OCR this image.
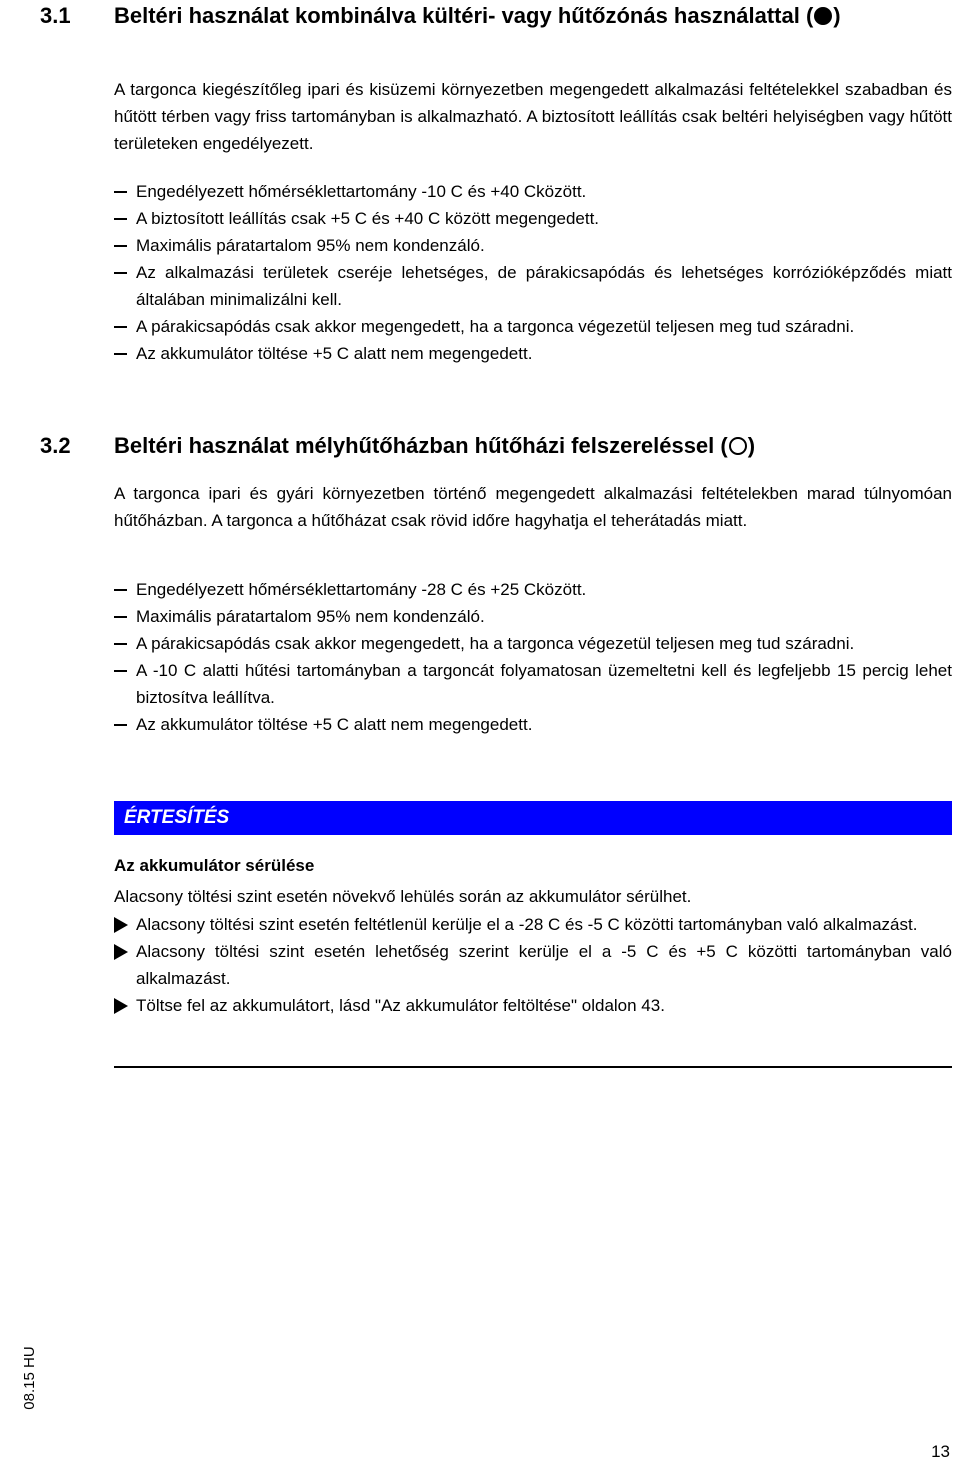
3.1 Beltéri használat kombinálva kültéri- vagy hűtőzónás használattal ( )
A targonca kiegészítőleg ipari és kisüzemi környezetben megengedett alkalmazási feltételekkel szabadban és hűtött térben vagy friss tartományban is alkalmazható. A biztosított leállítás csak beltéri helyiségben vagy hűtött területeken engedélyezett.
Engedélyezett hőmérséklettartomány -10 C és +40 Cközött.
A biztosított leállítás csak +5 C és +40 C között megengedett.
Maximális páratartalom 95% nem kondenzáló.
Az alkalmazási területek cseréje lehetséges, de párakicsapódás és lehetséges korrózióképződés miatt általában minimalizálni kell.
A párakicsapódás csak akkor megengedett, ha a targonca végezetül teljesen meg tud száradni.
Az akkumulátor töltése +5 C alatt nem megengedett.
3.2 Beltéri használat mélyhűtőházban hűtőházi felszereléssel ( )
A targonca ipari és gyári környezetben történő megengedett alkalmazási feltételekben marad túlnyomóan hűtőházban. A targonca a hűtőházat csak rövid időre hagyhatja el teherátadás miatt.
Engedélyezett hőmérséklettartomány -28 C és +25 Cközött.
Maximális páratartalom 95% nem kondenzáló.
A párakicsapódás csak akkor megengedett, ha a targonca végezetül teljesen meg tud száradni.
A -10 C alatti hűtési tartományban a targoncát folyamatosan üzemeltetni kell és legfeljebb 15 percig lehet biztosítva leállítva.
Az akkumulátor töltése +5 C alatt nem megengedett.
ÉRTESÍTÉS
Az akkumulátor sérülése
Alacsony töltési szint esetén növekvő lehülés során az akkumulátor sérülhet.
Alacsony töltési szint esetén feltétlenül kerülje el a -28 C és -5 C közötti tartományban való alkalmazást.
Alacsony töltési szint esetén lehetőség szerint kerülje el a -5 C és +5 C közötti tartományban való alkalmazást.
Töltse fel az akkumulátort, lásd "Az akkumulátor feltöltése" oldalon 43.
08.15 HU
13
